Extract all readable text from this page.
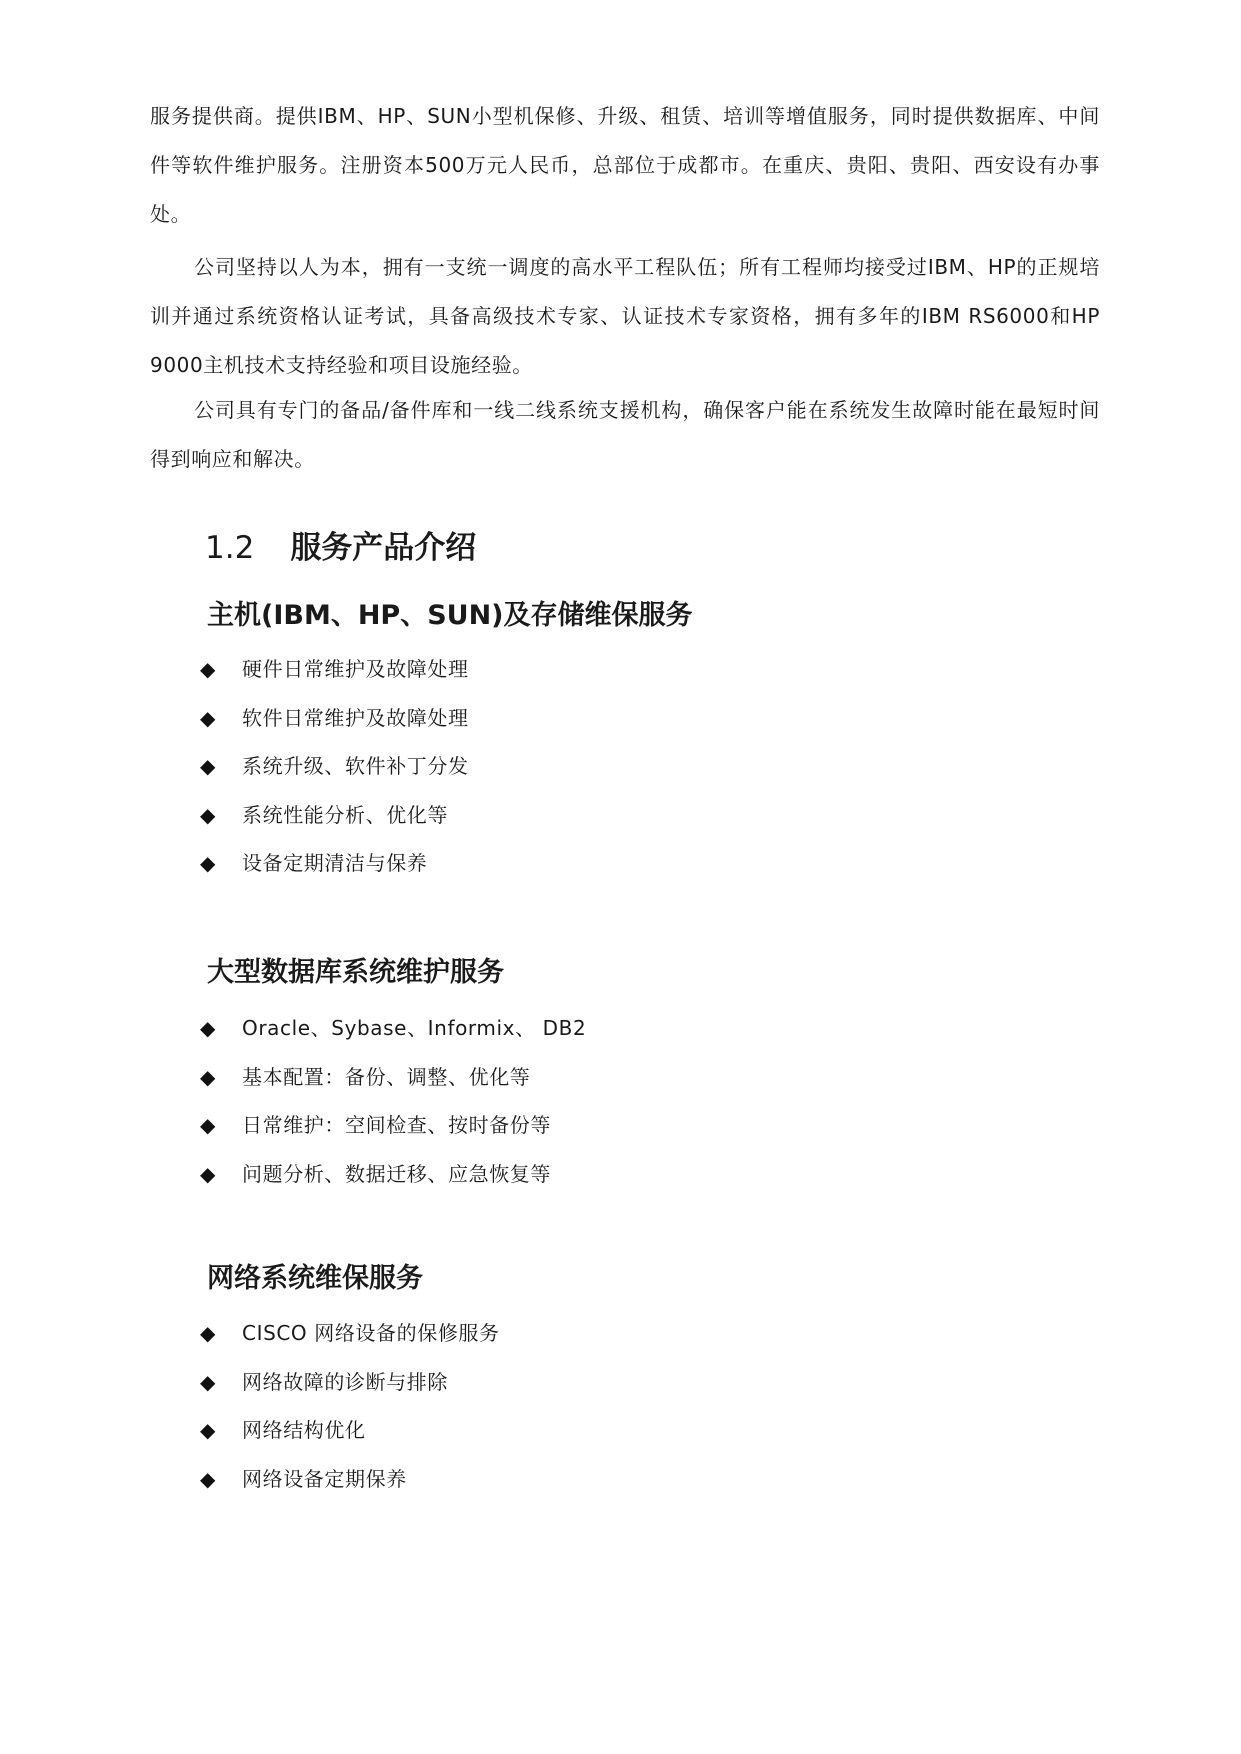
服务提供商。提供IBM、HP、SUN小型机保修、升级、租赁、培训等增值服务，同时提供数据库、中间件等软件维护服务。注册资本500万元人民币，总部位于成都市。在重庆、贵阳、贵阳、西安设有办事处。

公司坚持以人为本，拥有一支统一调度的高水平工程队伍；所有工程师均接受过IBM、HP的正规培训并通过系统资格认证考试，具备高级技术专家、认证技术专家资格，拥有多年的IBM RS6000和HP 9000主机技术支持经验和项目设施经验。

公司具有专门的备品/备件库和一线二线系统支援机构，确保客户能在系统发生故障时能在最短时间得到响应和解决。

1.2 服务产品介绍
主机(IBM、HP、SUN)及存储维保服务
◆	硬件日常维护及故障处理
◆	软件日常维护及故障处理
◆	系统升级、软件补丁分发
◆	系统性能分析、优化等
◆	设备定期清洁与保养
大型数据库系统维护服务
◆	Oracle、Sybase、Informix、 DB2
◆	基本配置：备份、调整、优化等
◆	日常维护：空间检查、按时备份等
◆	问题分析、数据迁移、应急恢复等
网络系统维保服务
◆	CISCO 网络设备的保修服务
◆	网络故障的诊断与排除
◆	网络结构优化
◆	网络设备定期保养
